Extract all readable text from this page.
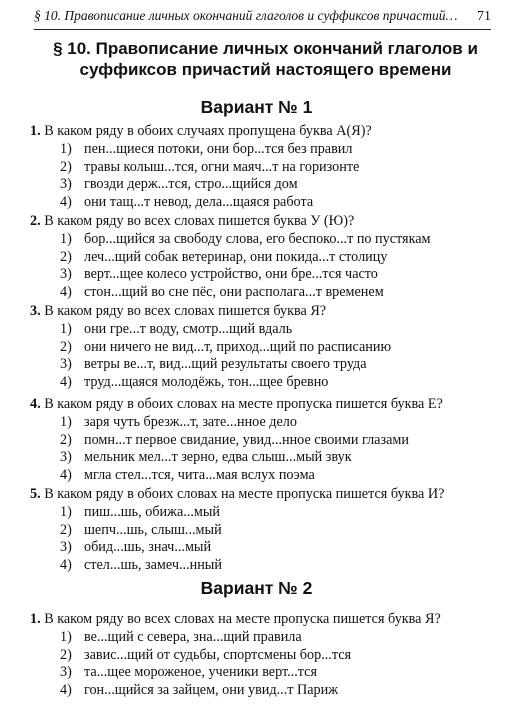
§ 10. Правописание личных окончаний глаголов и суффиксов причастий… 71
§ 10. Правописание личных окончаний глаголов и суффиксов причастий настоящего времени
Вариант № 1
1. В каком ряду в обоих случаях пропущена буква А(Я)?
1) пен...щиеся потоки, они бор...тся без правил
2) травы колыш...тся, огни маяч...т на горизонте
3) гвозди держ...тся, стро...щийся дом
4) они тащ...т невод, дела...щаяся работа
2. В каком ряду во всех словах пишется буква У (Ю)?
1) бор...щийся за свободу слова, его беспоко...т по пустякам
2) леч...щий собак ветеринар, они покида...т столицу
3) верт...щее колесо устройство, они бре...тся часто
4) стон...щий во сне пёс, они располага...т временем
3. В каком ряду во всех словах пишется буква Я?
1) они гре...т воду, смотр...щий вдаль
2) они ничего не вид...т, приход...щий по расписанию
3) ветры ве...т, вид...щий результаты своего труда
4) труд...щаяся молодёжь, тон...щее бревно
4. В каком ряду в обоих словах на месте пропуска пишется буква Е?
1) заря чуть брезж...т, зате...нное дело
2) помн...т первое свидание, увид...нное своими глазами
3) мельник мел...т зерно, едва слыш...мый звук
4) мгла стел...тся, чита...мая вслух поэма
5. В каком ряду в обоих словах на месте пропуска пишется буква И?
1) пиш...шь, обижа...мый
2) шепч...шь, слыш...мый
3) обид...шь, знач...мый
4) стел...шь, замеч...нный
Вариант № 2
1. В каком ряду во всех словах на месте пропуска пишется буква Я?
1) ве...щий с севера, зна...щий правила
2) завис...щий от судьбы, спортсмены бор...тся
3) та...щее мороженое, ученики верт...тся
4) гон...щийся за зайцем, они увид...т Париж
